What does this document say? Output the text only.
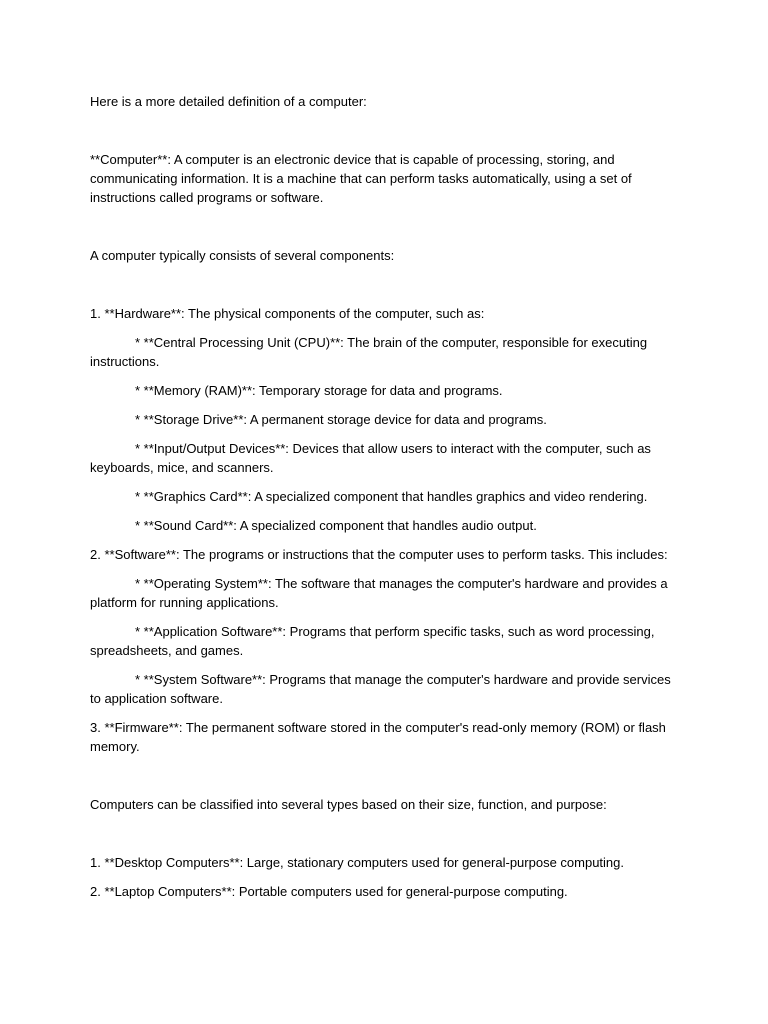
Here is a more detailed definition of a computer:

**Computer**: A computer is an electronic device that is capable of processing, storing, and communicating information. It is a machine that can perform tasks automatically, using a set of instructions called programs or software.

A computer typically consists of several components:

1. **Hardware**: The physical components of the computer, such as:

* **Central Processing Unit (CPU)**: The brain of the computer, responsible for executing instructions.

* **Memory (RAM)**: Temporary storage for data and programs.

* **Storage Drive**: A permanent storage device for data and programs.

* **Input/Output Devices**: Devices that allow users to interact with the computer, such as keyboards, mice, and scanners.

* **Graphics Card**: A specialized component that handles graphics and video rendering.

* **Sound Card**: A specialized component that handles audio output.

2. **Software**: The programs or instructions that the computer uses to perform tasks. This includes:

* **Operating System**: The software that manages the computer's hardware and provides a platform for running applications.

* **Application Software**: Programs that perform specific tasks, such as word processing, spreadsheets, and games.

* **System Software**: Programs that manage the computer's hardware and provide services to application software.

3. **Firmware**: The permanent software stored in the computer's read-only memory (ROM) or flash memory.

Computers can be classified into several types based on their size, function, and purpose:

1. **Desktop Computers**: Large, stationary computers used for general-purpose computing.

2. **Laptop Computers**: Portable computers used for general-purpose computing.
